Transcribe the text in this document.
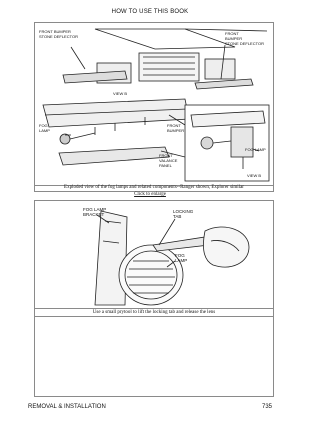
HOW TO USE THIS BOOK
FRONT BUMPER
STONE DEFLECTOR
FRONT
BUMPER
STONE DEFLECTOR
VIEW B
FOG
LAMP
FRONT
BUMPER
FRONT
VALANCE
PANEL
FOG LAMP
VIEW B
Exploded view of the fog lamps and related components--Ranger shown, Explorer similar
Click to enlarge
FOG LAMP
BRACKET
LOCKING
TAB
FOG
LAMP
Use a small prytool to lift the locking tab and release the lens
REMOVAL & INSTALLATION	735
